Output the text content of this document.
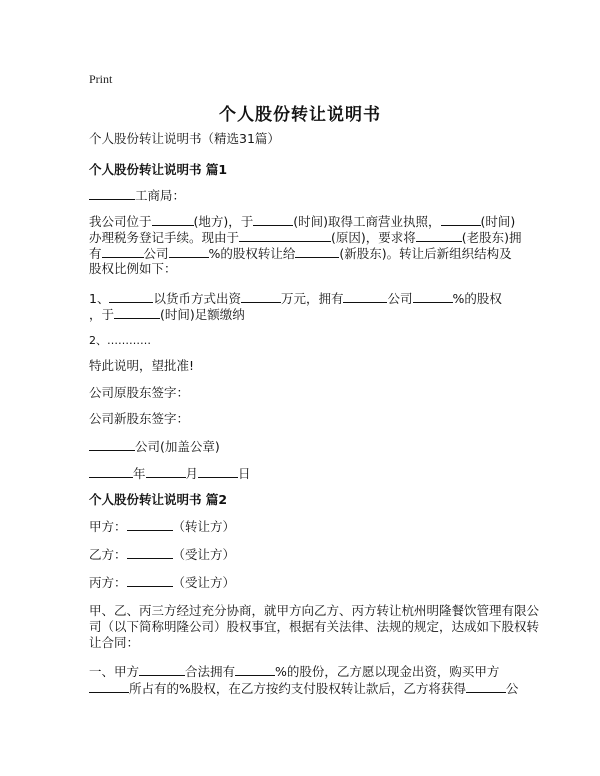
Print
个人股份转让说明书
个人股份转让说明书（精选31篇）
个人股份转让说明书 篇1
工商局：
我公司位于	(地方)，于	(时间)取得工商营业执照，	(时间)
办理税务登记手续。现由于	(原因)，要求将	(老股东)拥
有	公司	%的股权转让给	(新股东)。转让后新组织结构及
股权比例如下：
1、	以货币方式出资	万元，拥有	公司	%的股权
，于	(时间)足额缴纳
2、…………
特此说明，望批准!
公司原股东签字：
公司新股东签字：
公司(加盖公章)
年	月	日
个人股份转让说明书 篇2
甲方：	（转让方）
乙方：	（受让方）
丙方：	（受让方）
甲、乙、丙三方经过充分协商，就甲方向乙方、丙方转让杭州明隆餐饮管理有限公
司（以下简称明隆公司）股权事宜，根据有关法律、法规的规定，达成如下股权转
让合同：
一、甲方	合法拥有	%的股份，乙方愿以现金出资，购买甲方
所占有的%股权，在乙方按约支付股权转让款后，乙方将获得	公
